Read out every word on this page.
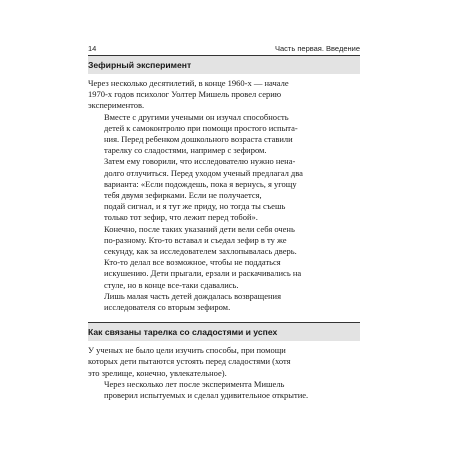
14	Часть первая. Введение
Зефирный эксперимент

Через несколько десятилетий, в конце 1960-х — начале
1970-х годов психолог Уолтер Мишель провел серию
экспериментов.

Вместе с другими учеными он изучал способность
детей к самоконтролю при помощи простого испыта-
ния. Перед ребенком дошкольного возраста ставили
тарелку со сладостями, например с зефиром.

Затем ему говорили, что исследователю нужно нена-
долго отлучиться. Перед уходом ученый предлагал два
варианта: «Если подождешь, пока я вернусь, я угощу
тебя двумя зефирками. Если не получается,
подай сигнал, и я тут же приду, но тогда ты съешь
только тот зефир, что лежит перед тобой».

Конечно, после таких указаний дети вели себя очень
по-разному. Кто-то вставал и съедал зефир в ту же
секунду, как за исследователем захлопывалась дверь.

Кто-то делал все возможное, чтобы не поддаться
искушению. Дети прыгали, ерзали и раскачивались на
стуле, но в конце все-таки сдавались.

Лишь малая часть детей дождалась возвращения
исследователя со вторым зефиром.

Как связаны тарелка со сладостями и успех

У ученых не было цели изучить способы, при помощи
которых дети пытаются устоять перед сладостями (хотя
это зрелище, конечно, увлекательное).

Через несколько лет после эксперимента Мишель
проверил испытуемых и сделал удивительное открытие.
